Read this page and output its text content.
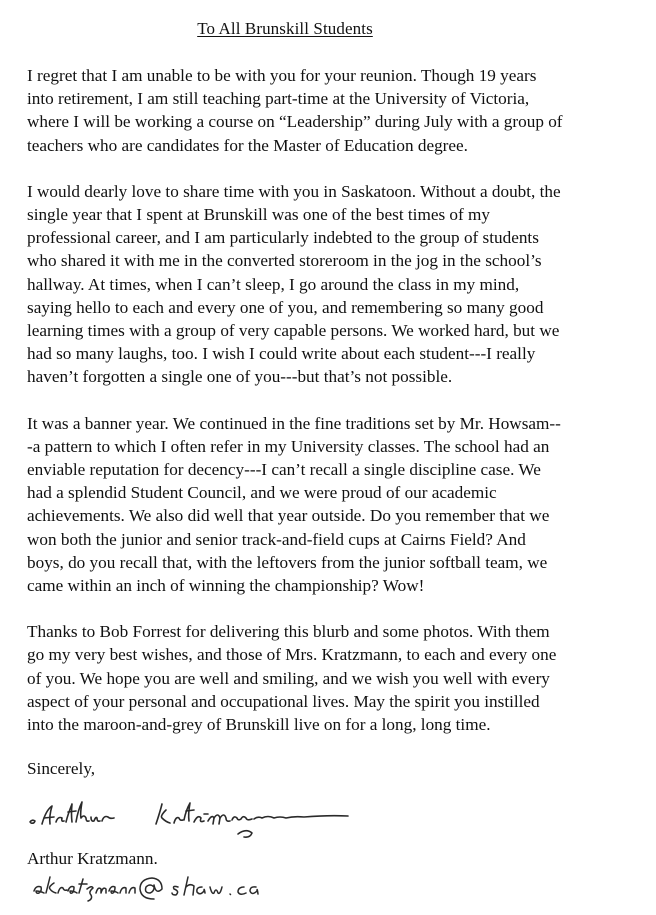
To All Brunskill Students

I regret that I am unable to be with you for your reunion. Though 19 years
into retirement, I am still teaching part-time at the University of Victoria,
where I will be working a course on “Leadership” during July with a group of
teachers who are candidates for the Master of Education degree.

I would dearly love to share time with you in Saskatoon. Without a doubt, the
single year that I spent at Brunskill was one of the best times of my
professional career, and I am particularly indebted to the group of students
who shared it with me in the converted storeroom in the jog in the school’s
hallway. At times, when I can’t sleep, I go around the class in my mind,
saying hello to each and every one of you, and remembering so many good
learning times with a group of very capable persons. We worked hard, but we
had so many laughs, too. I wish I could write about each student---I really
haven’t forgotten a single one of you---but that’s not possible.

It was a banner year. We continued in the fine traditions set by Mr. Howsam--
-a pattern to which I often refer in my University classes. The school had an
enviable reputation for decency---I can’t recall a single discipline case. We
had a splendid Student Council, and we were proud of our academic
achievements. We also did well that year outside. Do you remember that we
won both the junior and senior track-and-field cups at Cairns Field? And
boys, do you recall that, with the leftovers from the junior softball team, we
came within an inch of winning the championship? Wow!

Thanks to Bob Forrest for delivering this blurb and some photos. With them
go my very best wishes, and those of Mrs. Kratzmann, to each and every one
of you. We hope you are well and smiling, and we wish you well with every
aspect of your personal and occupational lives. May the spirit you instilled
into the maroon-and-grey of Brunskill live on for a long, long time.

Sincerely,
Arthur Kratzmann.
